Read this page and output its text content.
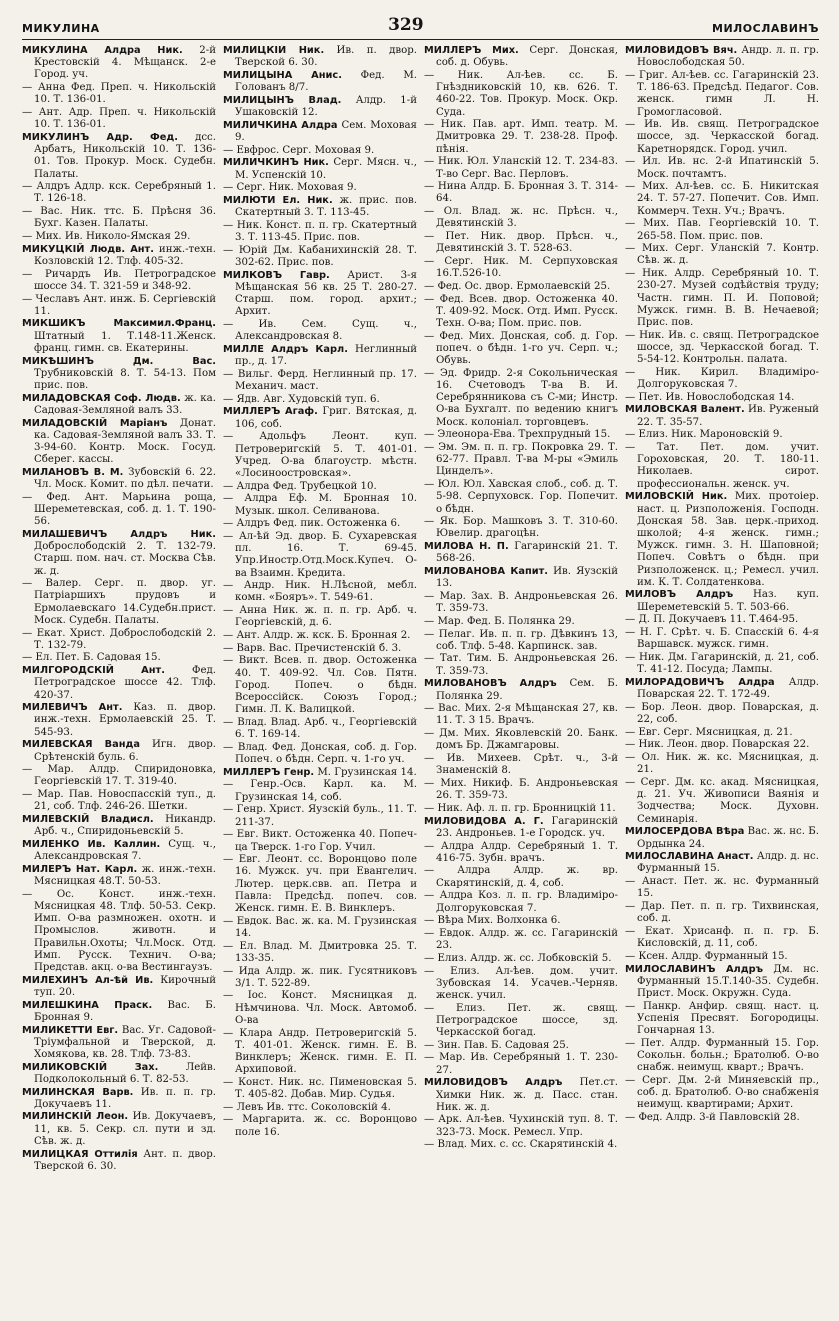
МИКУЛИНА	329	МИЛОСЛАВИНЪ

МИКУЛИНА Алдра Ник. 2-й Крестовскій 4. Мѣщанск. 2-е Город. уч.

— Анна Фед. Преп. ч. Никольскій 10. Т. 136-01.

— Ант. Адр. Преп. ч. Никольскій 10. Т. 136-01.

МИКУЛИНЪ Адр. Фед. дсс. Арбатъ, Никольскій 10. Т. 136-01. Тов. Прокур. Моск. Судебн. Палаты.

— Алдръ Адлр. кск. Серебряный 1. Т. 126-18.

— Вас. Ник. ттс. Б. Прѣсня 36. Бухг. Казен. Палаты.

— Мих. Ив. Николо-Ямская 29.

МИКУЦКІЙ Людв. Ант. инж.-техн. Козловскій 12. Тлф. 405-32.

— Ричардъ Ив. Петроградское шоссе 34. Т. 321-59 и 348-92.

— Чеславъ Ант. инж. Б. Сергіевскій 11.

МИКШИКЪ Максимил.Франц. Штатный 1. Т.148-11.Женск. франц. гимн. св. Екатерины.

МИКѢШИНЪ Дм. Вас. Трубниковскій 8. Т. 54-13. Пом прис. пов.

МИЛАДОВСКАЯ Соф. Людв. ж. ка. Садовая-Земляной валъ 33.

МИЛАДОВСКІЙ Маріанъ Донат. ка. Садовая-Земляной валъ 33. Т. 3-94-60. Контр. Моск. Госуд. Сберег. кассы.

МИЛАНОВЪ В. М. Зубовскій 6. 22. Чл. Моск. Комит. по дѣл. печати.

— Фед. Ант. Марьина роща, Шереметевская, соб. д. 1. Т. 190-56.

МИЛАШЕВИЧЪ Алдръ Ник. Доброслободскій 2. Т. 132-79. Старш. пом. нач. ст. Москва Сѣв. ж. д.

— Валер. Серг. п. двор. уг. Патріаршихъ прудовъ и Ермолаевскаго 14.Судебн.прист. Моск. Судебн. Палаты.

— Екат. Христ. Доброслободскій 2. Т. 132-79.

— Ел. Пет. Б. Садовая 15.

МИЛГОРОДСКІЙ Ант.	Фед. Петроградское шоссе 42. Тлф. 420-37.

МИЛЕВИЧЪ Ант. Каз. п. двор. инж.-техн. Ермолаевскій 25. Т. 545-93.

МИЛЕВСКАЯ Ванда Игн. двор. Срѣтенскій буль. 6.

— Мар. Алдр. Спиридоновка, Георгіевскій 17. Т. 319-40.

— Мар. Пав. Новоспасскій туп., д. 21, соб. Тлф. 246-26. Шетки.

МИЛЕВСКІЙ Владисл. Никандр. Арб. ч., Спиридоньевскій 5.

МИЛЕНКО Ив. Каллин. Сущ. ч., Александровская 7.

МИЛЕРЪ Нат. Карл. ж. инж.-техн. Мясницкая 48.Т. 50-53.

— Ос. Конст. инж.-техн. Мясницкая 48. Тлф. 50-53. Секр. Имп. О-ва размножен. охотн. и Промыслов. животн. и Правильн.Охоты; Чл.Моск. Отд. Имп. Русск. Технич. О-ва; Представ. акц. о-ва Вестингаузъ.

МИЛЕХИНЪ Ал-ѣй Ив. Кирочный туп. 20.

МИЛЕШКИНА Праск. Вас. Б. Бронная 9.

МИЛИКЕТТИ Евг. Вас. Уг. Садовой-Тріумфальной и Тверской, д. Хомякова, кв. 28. Тлф. 73-83.

МИЛИКОВСКІЙ Зах.	Лейв. Подколокольный 6. Т. 82-53.

МИЛИНСКАЯ Варв. Ив. п. п. гр. Докучаевъ 11.

МИЛИНСКІЙ Леон. Ив. Докучаевъ, 11, кв. 5. Секр. сл. пути и зд. Сѣв. ж. д.

МИЛИЦКАЯ Оттилія Ант. п. двор. Тверской 6. 30.

МИЛИЦКІЙ Ник. Ив. п. двор. Тверской 6. 30.

МИЛИЦЫНА Анис. Фед. М. Голованъ 8/7.

МИЛИЦЫНЪ Влад. Алдр. 1-й Ушаковскій 12.

МИЛИЧКИНА Алдра Сем. Моховая 9.

— Евфрос. Серг. Моховая 9.

МИЛИЧКИНЪ Ник. Серг. Мясн. ч., М. Успенскій 10.

— Серг. Ник. Моховая 9.

МИЛЮТИ Ел. Ник. ж. прис. пов. Скатертный 3. Т. 113-45.

— Ник. Конст. п. п. гр. Скатертный 3. Т. 113-45. Прис. пов.

— Юрій Дм. Кабанихинскій 28. Т. 302-62. Прис. пов.

МИЛКОВЪ Гавр. Арист. 3-я Мѣщанская 56 кв. 25 Т. 280-27. Старш. пом. город. архит.; Архит.

— Ив. Сем. Сущ. ч., Александровская 8.

МИЛЛЕ Алдръ Карл. Неглинный пр., д. 17.

— Вильг. Ферд. Неглинный пр. 17. Механич. маст.

— Ядв. Авг. Худовскій туп. 6.

МИЛЛЕРЪ Агаф. Григ. Вятская, д. 106, соб.

— Адольфъ Леонт. куп. Петроверигскій 5. Т. 401-01. Учред. О-ва благоустр. мѣстн. «Лосиноостровская».

— Алдра Фед. Трубецкой 10.

— Алдра Еф. М. Бронная 10. Музык. школ. Селиванова.

— Алдръ Фед. пик. Остоженка 6.

— Ал-ѣй Эд. двор. Б. Сухаревская пл. 16. Т. 69-45. Упр.Иностр.Отд.Моск.Купеч. О-ва Взаимн. Кредита.

— Андр. Ник. Н.Лѣсной, мебл. комн. «Бояръ». Т. 549-61.

— Анна Ник. ж. п. п. гр. Арб. ч. Георгіевскій, д. 6.

— Ант. Алдр. ж. кск. Б. Бронная 2.

— Варв. Вас. Пречистенскій б. 3.

— Викт. Всев. п. двор. Остоженка 40. Т. 409-92. Чл. Сов. Пятн. Город. Попеч. о бѣдн. Всероссійск. Союзъ Город.; Гимн. Л. К. Валицкой.

— Влад. Влад. Арб. ч., Георгіевскій 6. Т. 169-14.

— Влад. Фед. Донская, соб. д. Гор. Попеч. о бѣдн. Серп. ч. 1-го уч.

МИЛЛЕРЪ Генр. М. Грузинская 14.

— Генр.-Осв. Карл. ка. М. Грузинская 14, соб.

— Генр. Христ. Яузскій буль., 11. Т. 211-37.

— Евг. Викт. Остоженка 40. Попеч-ца Тверск. 1-го Гор. Учил.

— Евг. Леонт. сс. Воронцово поле 16. Мужск. уч. при Евангелич. Лютер. церк.свв. ап. Петра и Павла: Предсѣд. попеч. сов. Женск. гимн. Е. В. Винклеръ.

— Евдок. Вас. ж. ка. М. Грузинская 14.

— Ел. Влад. М. Дмитровка 25. Т. 133-35.

— Ида Алдр. ж. пик. Гусятниковъ 3/1. Т. 522-89.

— Іос. Конст. Мясницкая д. Нѣмчинова. Чл. Моск. Автомоб. О-ва

— Клара Андр. Петроверигскій 5. Т. 401-01. Женск. гимн. Е. В. Винклеръ; Женск. гимн. Е. П. Архиповой.

— Конст. Ник. нс. Пименовская 5. Т. 405-82. Добав. Мир. Судья.

— Левъ Ив. ттс. Соколовскій 4.

— Маргарита. ж. сс. Воронцово поле 16.

МИЛЛЕРЪ Мих. Серг. Донская, соб. д. Обувь.

— Ник. Ал-ѣев. сс. Б. Гнѣздниковскій 10, кв. 626. Т. 460-22. Тов. Прокур. Моск. Окр. Суда.

— Ник. Пав. арт. Имп. театр. М. Дмитровка 29. Т. 238-28. Проф. пѣнія.

— Ник. Юл. Уланскій 12. Т. 234-83. Т-во Серг. Вас. Перловъ.

— Нина Алдр. Б. Бронная 3. Т. 314-64.

— Ол. Влад. ж. нс. Прѣсн. ч., Девятинскій 3.

— Пет. Ник. двор. Прѣсн. ч., Девятинскій 3. Т. 528-63.

— Серг. Ник. М. Серпуховская 16.Т.526-10.

— Фед. Ос. двор. Ермолаевскій 25.

— Фед. Всев. двор. Остоженка 40. Т. 409-92. Моск. Отд. Имп. Русск. Техн. О-ва; Пом. прис. пов.

— Фед. Мих. Донская, соб. д. Гор. попеч. о бѣдн. 1-го уч. Серп. ч.; Обувь.

— Эд. Фридр. 2-я Сокольническая 16. Счетоводъ Т-ва В. И. Серебрянникова съ С-ми; Инстр. О-ва Бухгалт. по ведению книгъ Моск. колоніал. торговцевъ.

— Элеонора-Ева. Трехпрудный 15.

— Эм. Эм. п. п. гр. Покровка 29. Т. 62-77. Правл. Т-ва М-ры «Эмиль Цинделъ».

— Юл. Юл. Хавская слоб., соб. д. Т. 5-98. Серпуховск. Гор. Попечит. о бѣдн.

— Як. Бор. Машковъ 3. Т. 310-60. Ювелир. драгоцѣн.

МИЛОВА Н. П. Гагаринскій 21. Т. 568-26.

МИЛОВАНОВА Капит. Ив. Яузскій 13.

— Мар. Зах. В. Андроньевская 26. Т. 359-73.

— Мар. Фед. Б. Полянка 29.

— Пелаг. Ив. п. п. гр. Дѣвкинъ 13, соб. Тлф. 5-48. Карпинск. зав.

— Тат. Тим. Б. Андроньевская 26. Т. 359-73.

МИЛОВАНОВЪ Алдръ Сем. Б. Полянка 29.

— Вас. Мих. 2-я Мѣщанская 27, кв. 11. Т. 3 15. Врачъ.

— Дм. Мих. Яковлевскій 20. Банк. домъ Бр. Джамгаровы.

— Ив. Михеев. Срѣт. ч., 3-й Знаменскій 8.

— Мих. Никиф. Б. Андроньевская 26. Т. 359-73.

— Ник. Аф. л. п. гр. Бронницкій 11.

МИЛОВИДОВА А. Г. Гагаринскій 23. Андроньев. 1-е Городск. уч.

— Алдра Алдр. Серебряный 1. Т. 416-75. Зубн. врачъ.

— Алдра Алдр. ж. вр. Скарятинскій, д. 4, соб.

— Алдра Коз. л. п. гр. Владиміро-Долгоруковская 7.

— Вѣра Мих. Волхонка 6.

— Евдок. Алдр. ж. сс. Гагаринскій 23.

— Елиз. Алдр. ж. сс. Лобковскій 5.

— Елиз. Ал-ѣев. дом. учит. Зубовская 14. Усачев.-Черняв. женск. учил.

— Елиз. Пет. ж. свящ. Петроградское шоссе, зд. Черкасской богад.

— Зин. Пав. Б. Садовая 25.

— Мар. Ив. Серебряный 1. Т. 230-27.

МИЛОВИДОВЪ Алдръ Пет.ст. Химки Ник. ж. д. Пасс. стан. Ник. ж. д.

— Арк. Ал-ѣев. Чухинскій туп. 8. Т. 323-73. Моск. Ремесл. Упр.

— Влад. Мих. с. сс. Скарятинскій 4.

МИЛОВИДОВЪ Вяч. Андр. л. п. гр. Новослободская 50.

— Григ. Ал-ѣев. сс. Гагаринскій 23. Т. 186-63. Предсѣд. Педагог. Сов. женск. гимн Л. Н. Громогласовой.

— Ив. Ив. свящ. Петроградское шоссе, зд. Черкасской богад. Каретнорядск. Город. учил.

— Ил. Ив. нс. 2-й Ипатинскій 5. Моск. почтамтъ.

— Мих. Ал-ѣев. сс. Б. Никитская 24. Т. 57-27. Попечит. Сов. Имп. Коммерч. Техн. Уч.; Врачъ.

— Мих. Пав. Георгіевскій 10. Т. 265-58. Пом. прис. пов.

— Мих. Серг. Уланскій 7. Контр. Сѣв. ж. д.

— Ник. Алдр. Серебряный 10. Т. 230-27. Музей содѣйствія труду; Частн. гимн. П. И. Поповой; Мужск. гимн. В. В. Нечаевой; Прис. пов.

— Ник. Ив. с. свящ. Петроградское шоссе, зд. Черкасской богад. Т. 5-54-12. Контрольн. палата.

— Ник. Кирил. Владиміро-Долгоруковская 7.

— Пет. Ив. Новослободская 14.

МИЛОВСКАЯ Валент. Ив. Руженый 22. Т. 35-57.

— Елиз. Ник. Мароновскій 9.

— Тат. Пет. дом. учит. Гороховская, 20. Т. 180-11. Николаев. сирот. профессиональн. женск. уч.

МИЛОВСКІЙ Ник. Мих. протоіер. наст. ц. Ризположенія. Господн. Донская 58. Зав. церк.-приход. школой; 4-я женск. гимн.; Мужск. гимн. 3. Н. Шаповной; Попеч. Совѣтъ о бѣдн. при Ризположенск. ц.; Ремесл. учил. им. К. Т. Солдатенкова.

МИЛОВЪ Алдръ Наз. куп. Шереметевскій 5. Т. 503-66.

— Д. П. Докучаевъ 11. Т.464-95.

— Н. Г. Срѣт. ч. Б. Спасскій 6. 4-я Варшавск. мужск. гимн.

— Ник. Дм. Гагаринскій, д. 21, соб. Т. 41-12. Посуда; Лампы.

МИЛОРАДОВИЧЪ Алдра Алдр. Поварская 22. Т. 172-49.

— Бор. Леон. двор. Поварская, д. 22, соб.

— Евг. Серг. Мясницкая, д. 21.

— Ник. Леон. двор. Поварская 22.

— Ол. Ник. ж. кс. Мясницкая, д. 21.

— Серг. Дм. кс. акад. Мясницкая, д. 21. Уч. Живописи Ваянія и Зодчества; Моск. Духовн. Семинарія.

МИЛОСЕРДОВА Вѣра Вас. ж. нс. Б. Ордынка 24.

МИЛОСЛАВИНА Анаст. Алдр. д. нс. Фурманный 15.

— Анаст. Пет. ж. нс. Фурманный 15.

— Дар. Пет. п. п. гр. Тихвинская, соб. д.

— Екат. Хрисанф. п. п. гр. Б. Кисловскій, д. 11, соб.

— Ксен. Алдр. Фурманный 15.

МИЛОСЛАВИНЪ Алдръ Дм. нс. Фурманный 15.Т.140-35. Судебн. Прист. Моск. Окружн. Суда.

— Панкр. Анфир. свящ. наст. ц. Успенія Пресвят. Богородицы. Гончарная 13.

— Пет. Алдр. Фурманный 15. Гор. Сокольн. больн.; Братолюб. О-во снабж. неимущ. кварт.; Врачъ.

— Серг. Дм. 2-й Миняевскій пр., соб. д. Братолюб. О-во снабженія неимущ. квартирами; Архит.

— Фед. Алдр. 3-й Павловскій 28.
